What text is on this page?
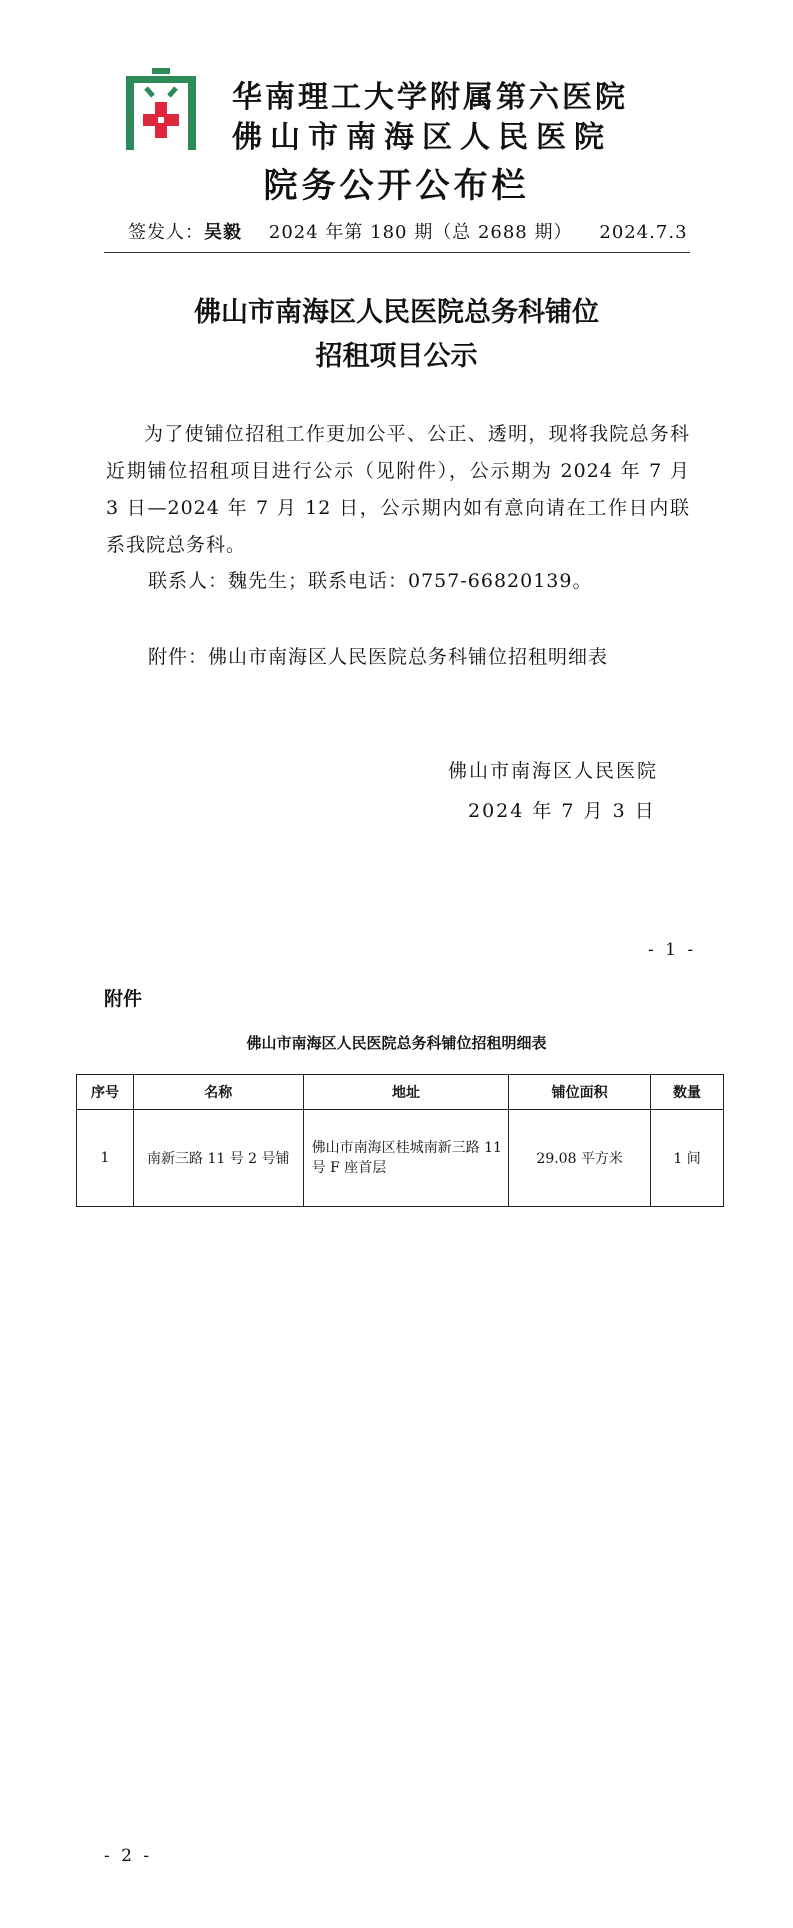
华南理工大学附属第六医院
佛山市南海区人民医院
院务公开公布栏
签发人：吴毅 2024 年第 180 期（总 2688 期） 2024.7.3
佛山市南海区人民医院总务科铺位
招租项目公示
为了使铺位招租工作更加公平、公正、透明，现将我院总务科近期铺位招租项目进行公示（见附件），公示期为 2024 年 7 月 3 日—2024 年 7 月 12 日，公示期内如有意向请在工作日内联系我院总务科。
联系人：魏先生；联系电话：0757-66820139。
附件：佛山市南海区人民医院总务科铺位招租明细表
佛山市南海区人民医院
2024 年 7 月 3 日
- 1 -
附件
佛山市南海区人民医院总务科铺位招租明细表
序号	名称	地址	铺位面积	数量
1	南新三路 11 号 2 号铺	佛山市南海区桂城南新三路 11 号 F 座首层	29.08 平方米	1 间
- 2 -
